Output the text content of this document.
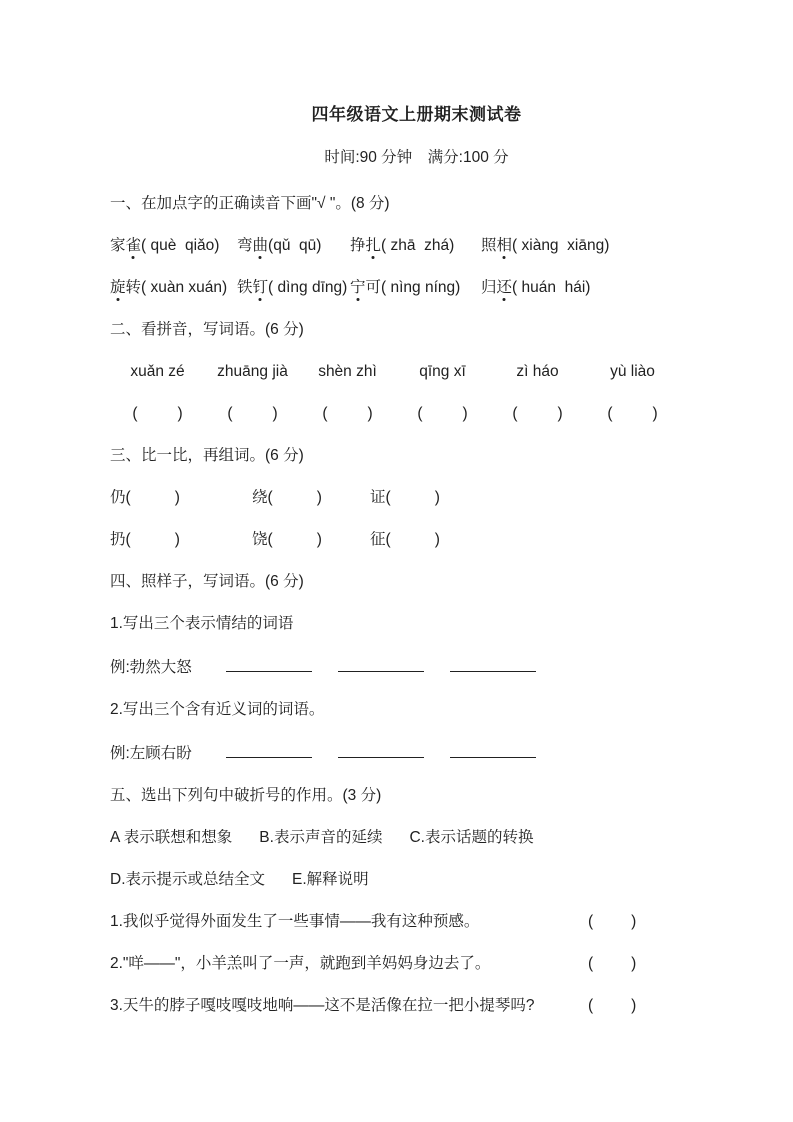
四年级语文上册期末测试卷
时间:90 分钟　满分:100 分
一、在加点字的正确读音下画"√ "。(8 分)
家雀( què  qiǎo)	弯曲(qǔ  qū)	挣扎( zhā  zhá)	照相( xiàng  xiāng)
旋转( xuàn xuán) 铁钉( dìng dīng) 宁可( nìng níng)	归还( huán  hái)
二、看拼音，写词语。(6 分)
xuǎn zé	zhuāng jià	shèn zhì	qīng xī	zì háo	yù liào
(	)	(	)	(	)	(	)	(	)	(	)
三、比一比，再组词。(6 分)
仍(	)	绕(	)	证(	)
扔(	)	饶(	)	征(	)
四、照样子，写词语。(6 分)
1.写出三个表示情结的词语
例:勃然大怒
2.写出三个含有近义词的词语。
例:左顾右盼
五、选出下列句中破折号的作用。(3 分)
A 表示联想和想象 B.表示声音的延续 C.表示话题的转换
D.表示提示或总结全文 E.解释说明
1.我似乎觉得外面发生了一些事情——我有这种预感。	( )
2."咩——"，小羊羔叫了一声，就跑到羊妈妈身边去了。	( )
3.天牛的脖子嘎吱嘎吱地响——这不是活像在拉一把小提琴吗?	( )
